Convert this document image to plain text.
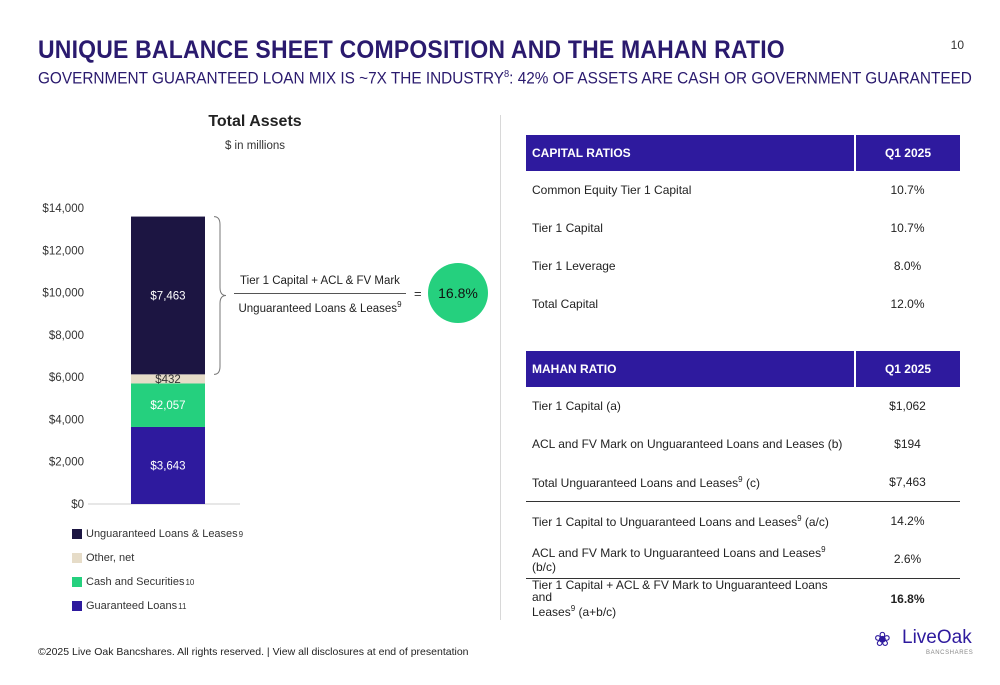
UNIQUE BALANCE SHEET COMPOSITION AND THE MAHAN RATIO
GOVERNMENT GUARANTEED LOAN MIX IS ~7X THE INDUSTRY$^8$: 42% OF ASSETS ARE CASH OR GOVERNMENT GUARANTEED
10
Total Assets
$ in millions
$0
$2,000
$4,000
$6,000
$8,000
$10,000
$12,000
$14,000
$3,643
$2,057
$432
$7,463
Unguaranteed Loans & Leases 9
Other, net
Cash and Securities 10
Guaranteed Loans 11
Tier 1 Capital + ACL & FV Mark
Unguaranteed Loans & Leases$^9$
= 16.8%
CAPITAL RATIOS	Q1 2025
Common Equity Tier 1 Capital	10.7%
Tier 1 Capital	10.7%
Tier 1 Leverage	8.0%
Total Capital	12.0%
MAHAN RATIO	Q1 2025
Tier 1 Capital (a)	$1,062
ACL and FV Mark on Unguaranteed Loans and Leases (b)	$194
Total Unguaranteed Loans and Leases$^9$ (c)	$7,463
Tier 1 Capital to Unguaranteed Loans and Leases$^9$ (a/c)	14.2%
ACL and FV Mark to Unguaranteed Loans and Leases$^9$ (b/c)	2.6%
Tier 1 Capital + ACL & FV Mark to Unguaranteed Loans and
Leases$^9$ (a+b/c)	16.8%
©2025 Live Oak Bancshares. All rights reserved. | View all disclosures at end of presentation
❀ LiveOak
BANCSHARES
